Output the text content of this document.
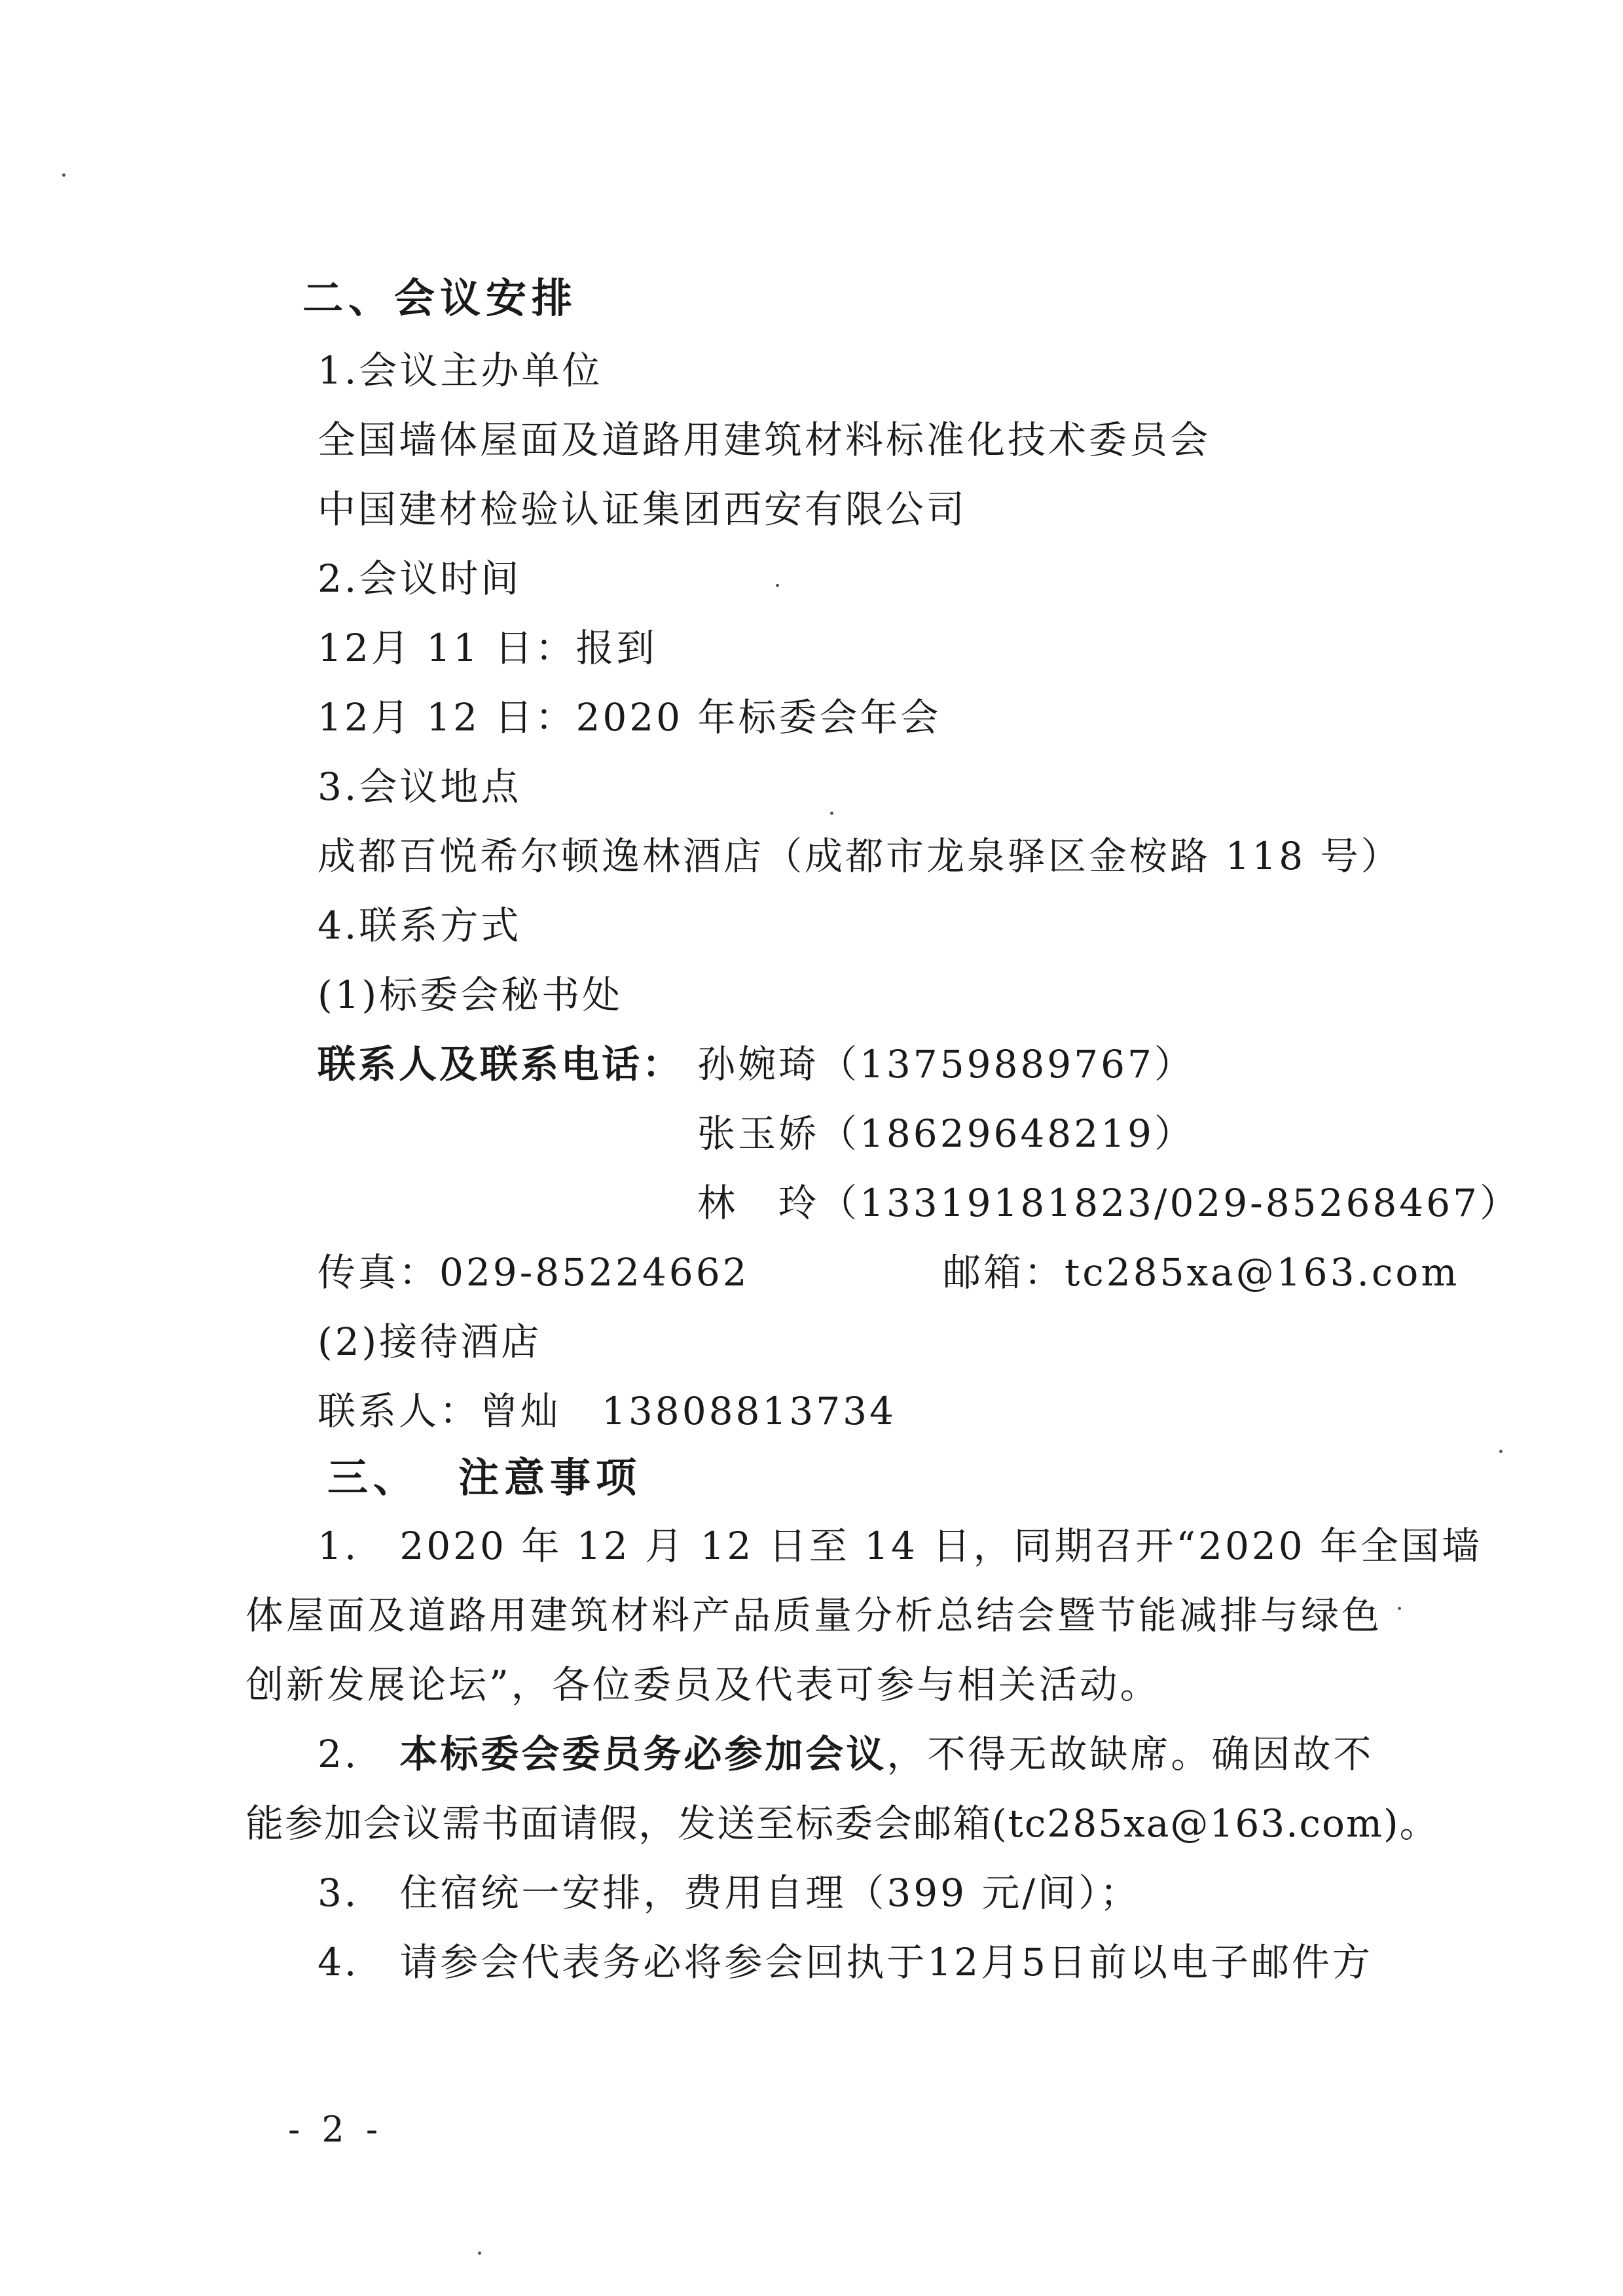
二、会议安排
1.会议主办单位
全国墙体屋面及道路用建筑材料标准化技术委员会
中国建材检验认证集团西安有限公司
2.会议时间
12月 11 日：报到
12月 12 日：2020 年标委会年会
3.会议地点
成都百悦希尔顿逸林酒店（成都市龙泉驿区金桉路 118 号）
4.联系方式
(1)标委会秘书处
联系人及联系电话： 孙婉琦（13759889767）
张玉娇（18629648219）
林　玲（13319181823/029-85268467）
传真：029-85224662	邮箱：tc285xa@163.com
(2)接待酒店
联系人：曾灿　13808813734
三、 注意事项
1.　2020 年 12 月 12 日至 14 日，同期召开“2020 年全国墙
体屋面及道路用建筑材料产品质量分析总结会暨节能减排与绿色
创新发展论坛”，各位委员及代表可参与相关活动。
2.　 本标委会委员务必参加会议，不得无故缺席。确因故不
能参加会议需书面请假，发送至标委会邮箱(tc285xa@163.com)。
3.　住宿统一安排，费用自理（399 元/间）；
4.　请参会代表务必将参会回执于12月5日前以电子邮件方
- 2 -
